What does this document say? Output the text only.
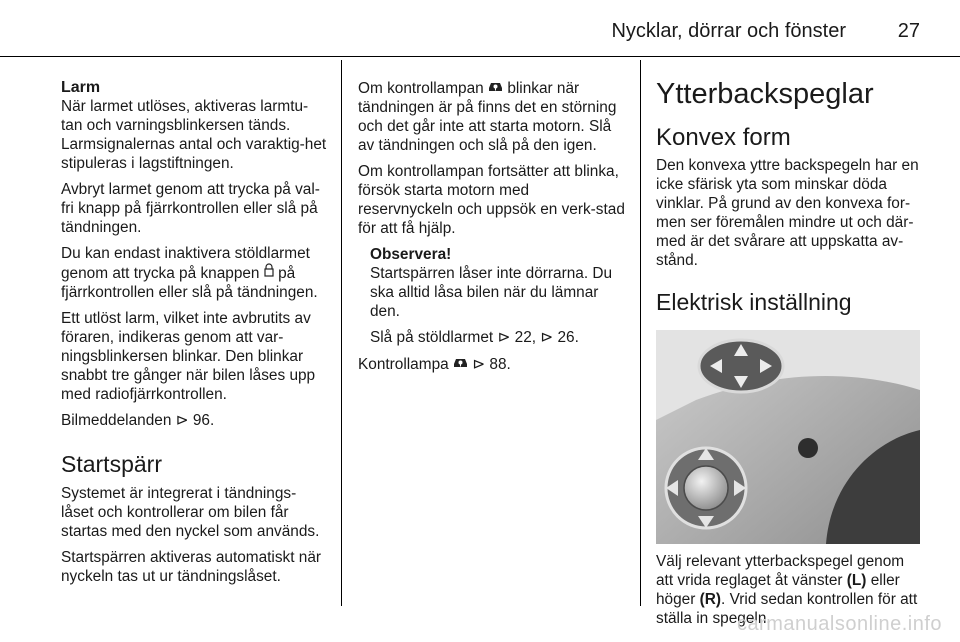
Nycklar, dörrar och fönster	27
Larm

När larmet utlöses, aktiveras larmtu-tan och varningsblinkersen tänds. Larmsignalernas antal och varaktig-het stipuleras i lagstiftningen.

Avbryt larmet genom att trycka på val-fri knapp på fjärrkontrollen eller slå på tändningen.

Du kan endast inaktivera stöldlarmet genom att trycka på knappen på fjärrkontrollen eller slå på tändningen.

Ett utlöst larm, vilket inte avbrutits av föraren, indikeras genom att var-ningsblinkersen blinkar. Den blinkar snabbt tre gånger när bilen låses upp med radiofjärrkontrollen.

Bilmeddelanden ⊳ 96.

Startspärr

Systemet är integrerat i tändnings-låset och kontrollerar om bilen får startas med den nyckel som används.

Startspärren aktiveras automatiskt när nyckeln tas ut ur tändningslåset.

Om kontrollampan blinkar när tändningen är på finns det en störning och det går inte att starta motorn. Slå av tändningen och slå på den igen.

Om kontrollampan fortsätter att blinka, försök starta motorn med reservnyckeln och uppsök en verk-stad för att få hjälp.

Observera!

Startspärren låser inte dörrarna. Du ska alltid låsa bilen när du lämnar den.

Slå på stöldlarmet ⊳ 22, ⊳ 26.

Kontrollampa ⊳ 88.

Ytterbackspeglar
Konvex form

Den konvexa yttre backspegeln har en icke sfärisk yta som minskar döda vinklar. På grund av den konvexa for-men ser föremålen mindre ut och där-med är det svårare att uppskatta av-stånd.

Elektrisk inställning

Välj relevant ytterbackspegel genom att vrida reglaget åt vänster (L) eller höger (R). Vrid sedan kontrollen för att ställa in spegeln.

carmanualsonline.info
